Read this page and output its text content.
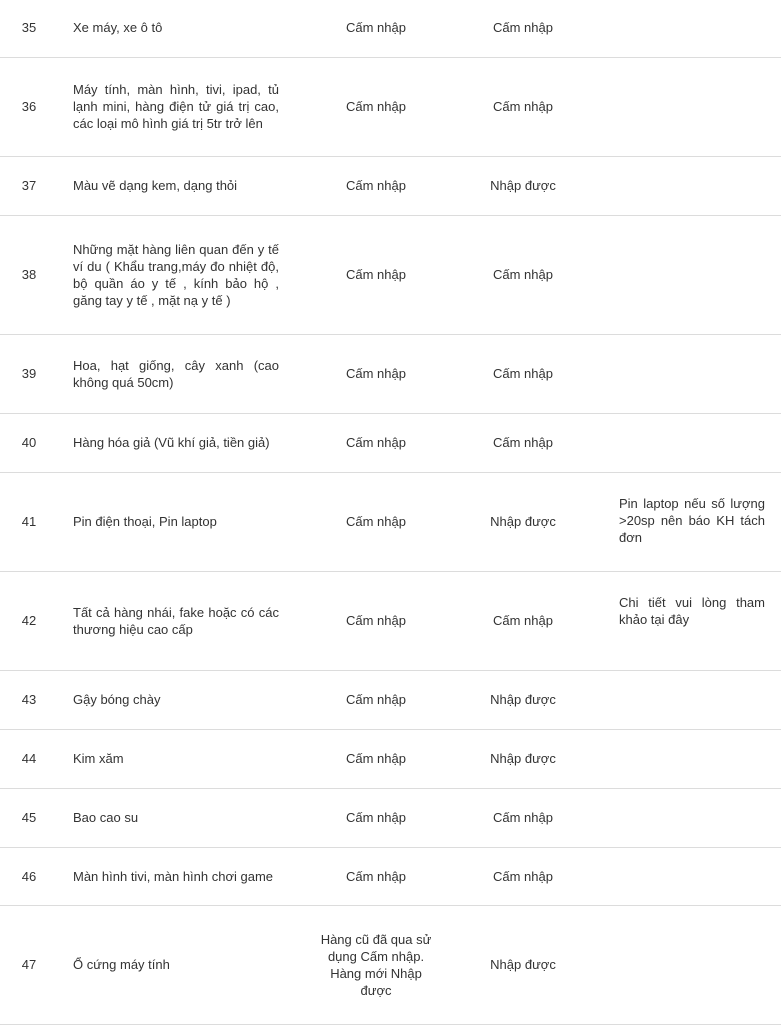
35	Xe máy, xe ô tô	Cấm nhập	Cấm nhập	
36	Máy tính, màn hình, tivi, ipad, tủ lạnh mini, hàng điện tử giá trị cao, các loại mô hình giá trị 5tr trở lên	Cấm nhập	Cấm nhập	
37	Màu vẽ dạng kem, dạng thỏi	Cấm nhập	Nhập được	
38	Những mặt hàng liên quan đến y tế ví du ( Khẩu trang,máy đo nhiệt độ, bộ quần áo y tế , kính bảo hộ , găng tay y tế , mặt nạ y tế )	Cấm nhập	Cấm nhập	
39	Hoa, hạt giống, cây xanh (cao không quá 50cm)	Cấm nhập	Cấm nhập	
40	Hàng hóa giả (Vũ khí giả, tiền giả)	Cấm nhập	Cấm nhập	
41	Pin điện thoại, Pin laptop	Cấm nhập	Nhập được	Pin laptop nếu số lượng >20sp nên báo KH tách đơn

42	Tất cả hàng nhái, fake hoặc có các thương hiệu cao cấp	Cấm nhập	Cấm nhập	Chi tiết vui lòng tham khảo tại đây

43	Gậy bóng chày	Cấm nhập	Nhập được	
44	Kim xăm	Cấm nhập	Nhập được	
45	Bao cao su	Cấm nhập	Cấm nhập	
46	Màn hình tivi, màn hình chơi game	Cấm nhập	Cấm nhập	
47	Ổ cứng máy tính	Hàng cũ đã qua sử dụng Cấm nhập. Hàng mới Nhập được	Nhập được	
